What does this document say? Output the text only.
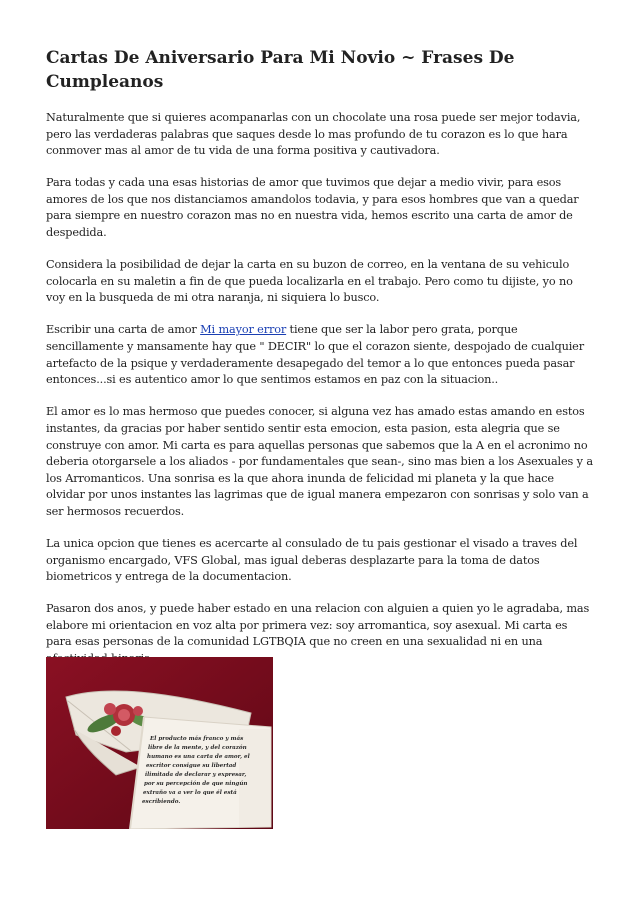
Cartas De Aniversario Para Mi Novio ~ Frases De Cumpleanos

Naturalmente que si quieres acompanarlas con un chocolate una rosa puede ser mejor todavia, pero las verdaderas palabras que saques desde lo mas profundo de tu corazon es lo que hara conmover mas al amor de tu vida de una forma positiva y cautivadora.

Para todas y cada una esas historias de amor que tuvimos que dejar a medio vivir, para esos amores de los que nos distanciamos amandolos todavia, y para esos hombres que van a quedar para siempre en nuestro corazon mas no en nuestra vida, hemos escrito una carta de amor de despedida.

Considera la posibilidad de dejar la carta en su buzon de correo, en la ventana de su vehiculo colocarla en su maletin a fin de que pueda localizarla en el trabajo. Pero como tu dijiste, yo no voy en la busqueda de mi otra naranja, ni siquiera lo busco.

Escribir una carta de amor Mi mayor error tiene que ser la labor pero grata, porque sencillamente y mansamente hay que " DECIR" lo que el corazon siente, despojado de cualquier artefacto de la psique y verdaderamente desapegado del temor a lo que entonces pueda pasar entonces...si es autentico amor lo que sentimos estamos en paz con la situacion..

El amor es lo mas hermoso que puedes conocer, si alguna vez has amado estas amando en estos instantes, da gracias por haber sentido sentir esta emocion, esta pasion, esta alegria que se construye con amor. Mi carta es para aquellas personas que sabemos que la A en el acronimo no deberia otorgarsele a los aliados - por fundamentales que sean-, sino mas bien a los Asexuales y a los Arromanticos. Una sonrisa es la que ahora inunda de felicidad mi planeta y la que hace olvidar por unos instantes las lagrimas que de igual manera empezaron con sonrisas y solo van a ser hermosos recuerdos.

La unica opcion que tienes es acercarte al consulado de tu pais gestionar el visado a traves del organismo encargado, VFS Global, mas igual deberas desplazarte para la toma de datos biometricos y entrega de la documentacion.

Pasaron dos anos, y puede haber estado en una relacion con alguien a quien yo le agradaba, mas elabore mi orientacion en voz alta por primera vez: soy arromantica, soy asexual. Mi carta es para esas personas de la comunidad LGTBQIA que no creen en una sexualidad ni en una

El producto más franco y más
libre de la mente, y del corazón
humano es una carta de amor, el
escritor consigue su libertad
ilimitada de declarar y expresar,
por su percepción de que ningún
extraño va a ver lo que él está
escribiendo.
